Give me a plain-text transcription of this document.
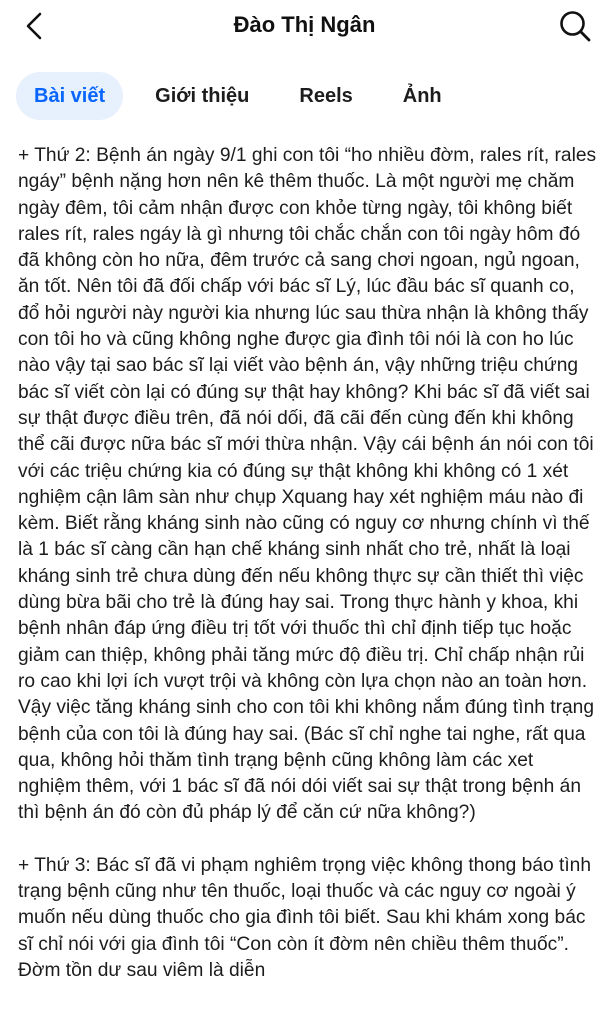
Đào Thị Ngân
Bài viết	Giới thiệu	Reels	Ảnh

+ Thứ 2: Bệnh án ngày 9/1 ghi con tôi “ho nhiều đờm, rales rít, rales ngáy” bệnh nặng hơn nên kê thêm thuốc. Là một người mẹ chăm ngày đêm, tôi cảm nhận được con khỏe từng ngày, tôi không biết rales rít, rales ngáy là gì nhưng tôi chắc chắn con tôi ngày hôm đó đã không còn ho nữa, đêm trước cả sang chơi ngoan, ngủ ngoan, ăn tốt. Nên tôi đã đối chấp với bác sĩ Lý, lúc đầu bác sĩ quanh co, đổ hỏi người này người kia nhưng lúc sau thừa nhận là không thấy con tôi ho và cũng không nghe được gia đình tôi nói là con ho lúc nào vậy tại sao bác sĩ lại viết vào bệnh án, vậy những triệu chứng bác sĩ viết còn lại có đúng sự thật hay không? Khi bác sĩ đã viết sai sự thật được điều trên, đã nói dối, đã cãi đến cùng đến khi không thể cãi được nữa bác sĩ mới thừa nhận. Vậy cái bệnh án nói con tôi với các triệu chứng kia có đúng sự thật không khi không có 1 xét nghiệm cận lâm sàn như chụp Xquang hay xét nghiệm máu nào đi kèm. Biết rằng kháng sinh nào cũng có nguy cơ nhưng chính vì thế là 1 bác sĩ càng cần hạn chế kháng sinh nhất cho trẻ, nhất là loại kháng sinh trẻ chưa dùng đến nếu không thực sự cần thiết thì việc dùng bừa bãi cho trẻ là đúng hay sai. Trong thực hành y khoa, khi bệnh nhân đáp ứng điều trị tốt với thuốc thì chỉ định tiếp tục hoặc giảm can thiệp, không phải tăng mức độ điều trị. Chỉ chấp nhận rủi ro cao khi lợi ích vượt trội và không còn lựa chọn nào an toàn hơn. Vậy việc tăng kháng sinh cho con tôi khi không nắm đúng tình trạng bệnh của con tôi là đúng hay sai. (Bác sĩ chỉ nghe tai nghe, rất qua qua, không hỏi thăm tình trạng bệnh cũng không làm các xet nghiệm thêm, với 1 bác sĩ đã nói dói viết sai sự thật trong bệnh án thì bệnh án đó còn đủ pháp lý để căn cứ nữa không?)

+ Thứ 3: Bác sĩ đã vi phạm nghiêm trọng việc không thong báo tình trạng bệnh cũng như tên thuốc, loại thuốc và các nguy cơ ngoài ý muốn nếu dùng thuốc cho gia đình tôi biết. Sau khi khám xong bác sĩ chỉ nói với gia đình tôi “Con còn ít đờm nên chiều thêm thuốc”. Đờm tồn dư sau viêm là diễn
